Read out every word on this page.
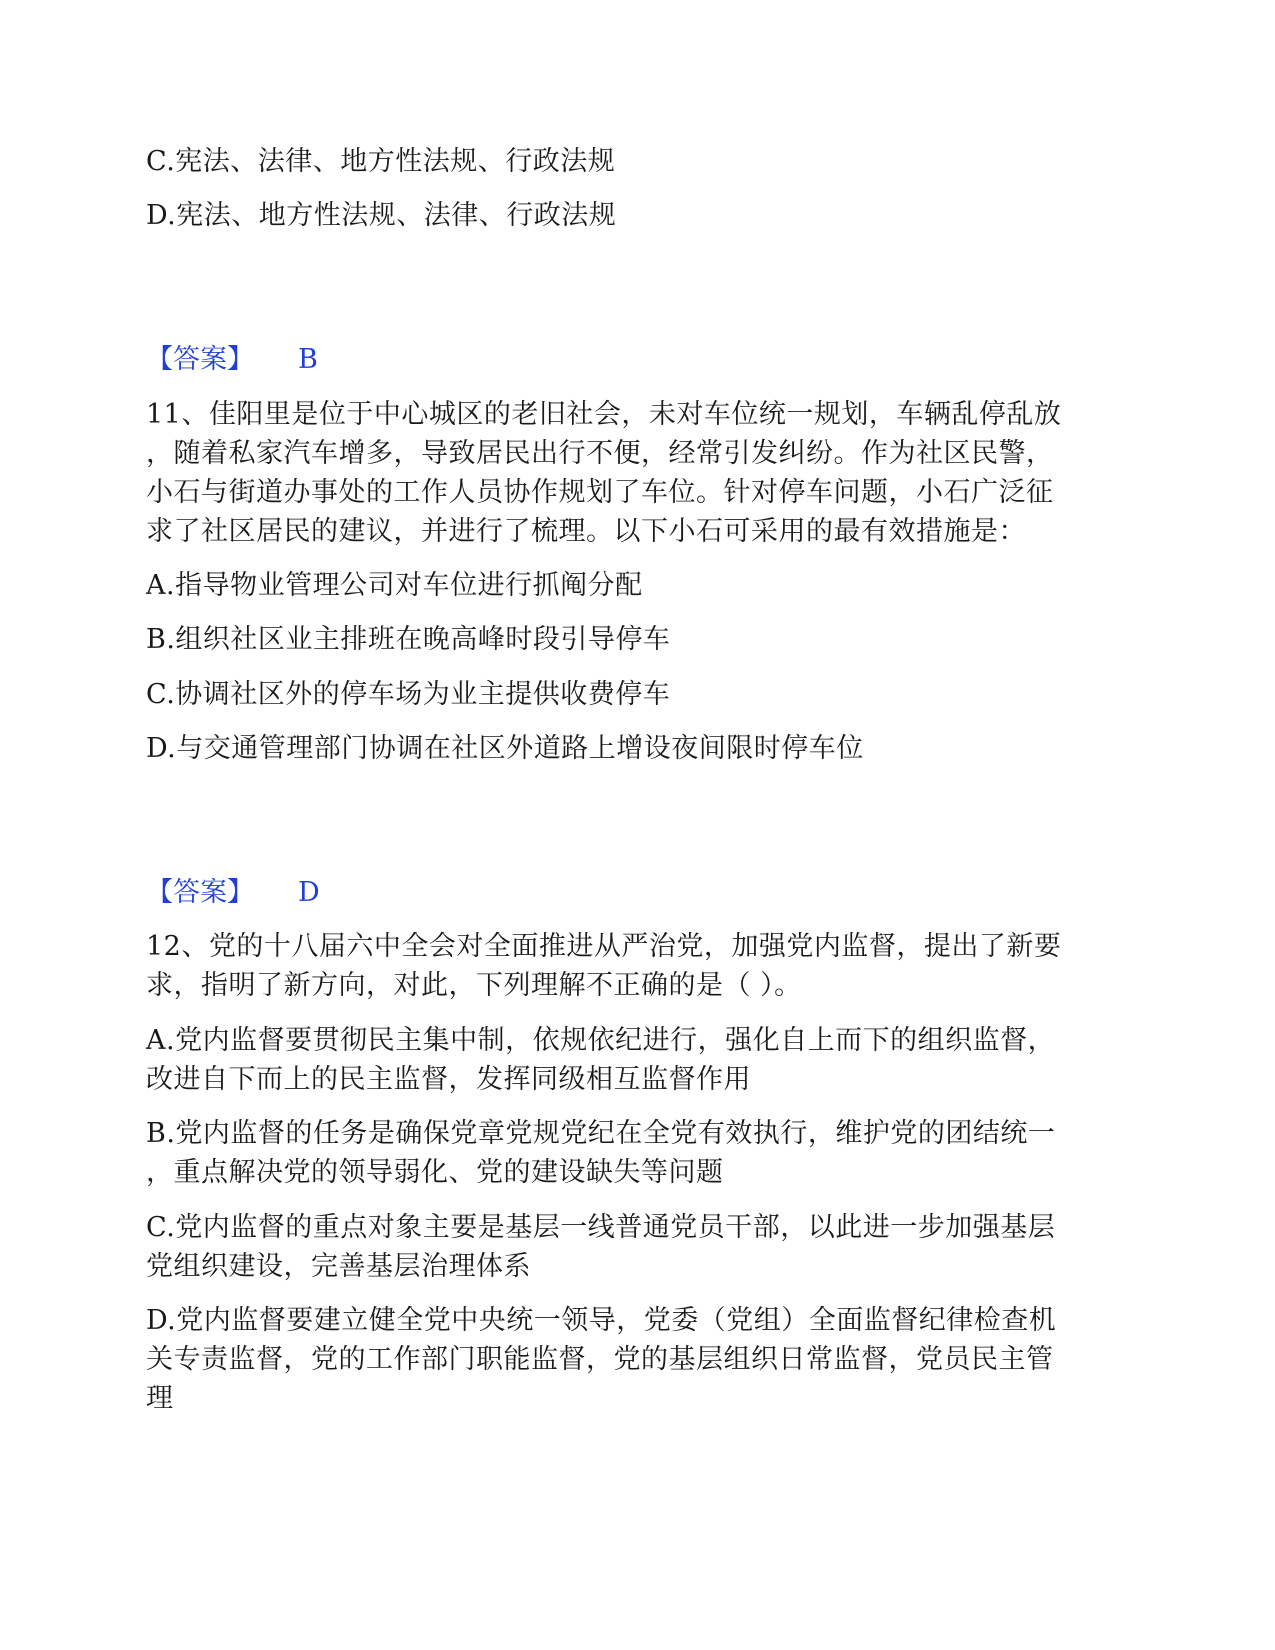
C.宪法、法律、地方性法规、行政法规
D.宪法、地方性法规、法律、行政法规
【答案】 B
11、佳阳里是位于中心城区的老旧社会，未对车位统一规划，车辆乱停乱放
，随着私家汽车增多，导致居民出行不便，经常引发纠纷。作为社区民警，
小石与街道办事处的工作人员协作规划了车位。针对停车问题，小石广泛征
求了社区居民的建议，并进行了梳理。以下小石可采用的最有效措施是：
A.指导物业管理公司对车位进行抓阄分配
B.组织社区业主排班在晚高峰时段引导停车
C.协调社区外的停车场为业主提供收费停车
D.与交通管理部门协调在社区外道路上增设夜间限时停车位
【答案】 D
12、党的十八届六中全会对全面推进从严治党，加强党内监督，提出了新要
求，指明了新方向，对此，下列理解不正确的是（ ）。
A.党内监督要贯彻民主集中制，依规依纪进行，强化自上而下的组织监督，
改进自下而上的民主监督，发挥同级相互监督作用
B.党内监督的任务是确保党章党规党纪在全党有效执行，维护党的团结统一
，重点解决党的领导弱化、党的建设缺失等问题
C.党内监督的重点对象主要是基层一线普通党员干部，以此进一步加强基层
党组织建设，完善基层治理体系
D.党内监督要建立健全党中央统一领导，党委（党组）全面监督纪律检查机
关专责监督，党的工作部门职能监督，党的基层组织日常监督，党员民主管
理
